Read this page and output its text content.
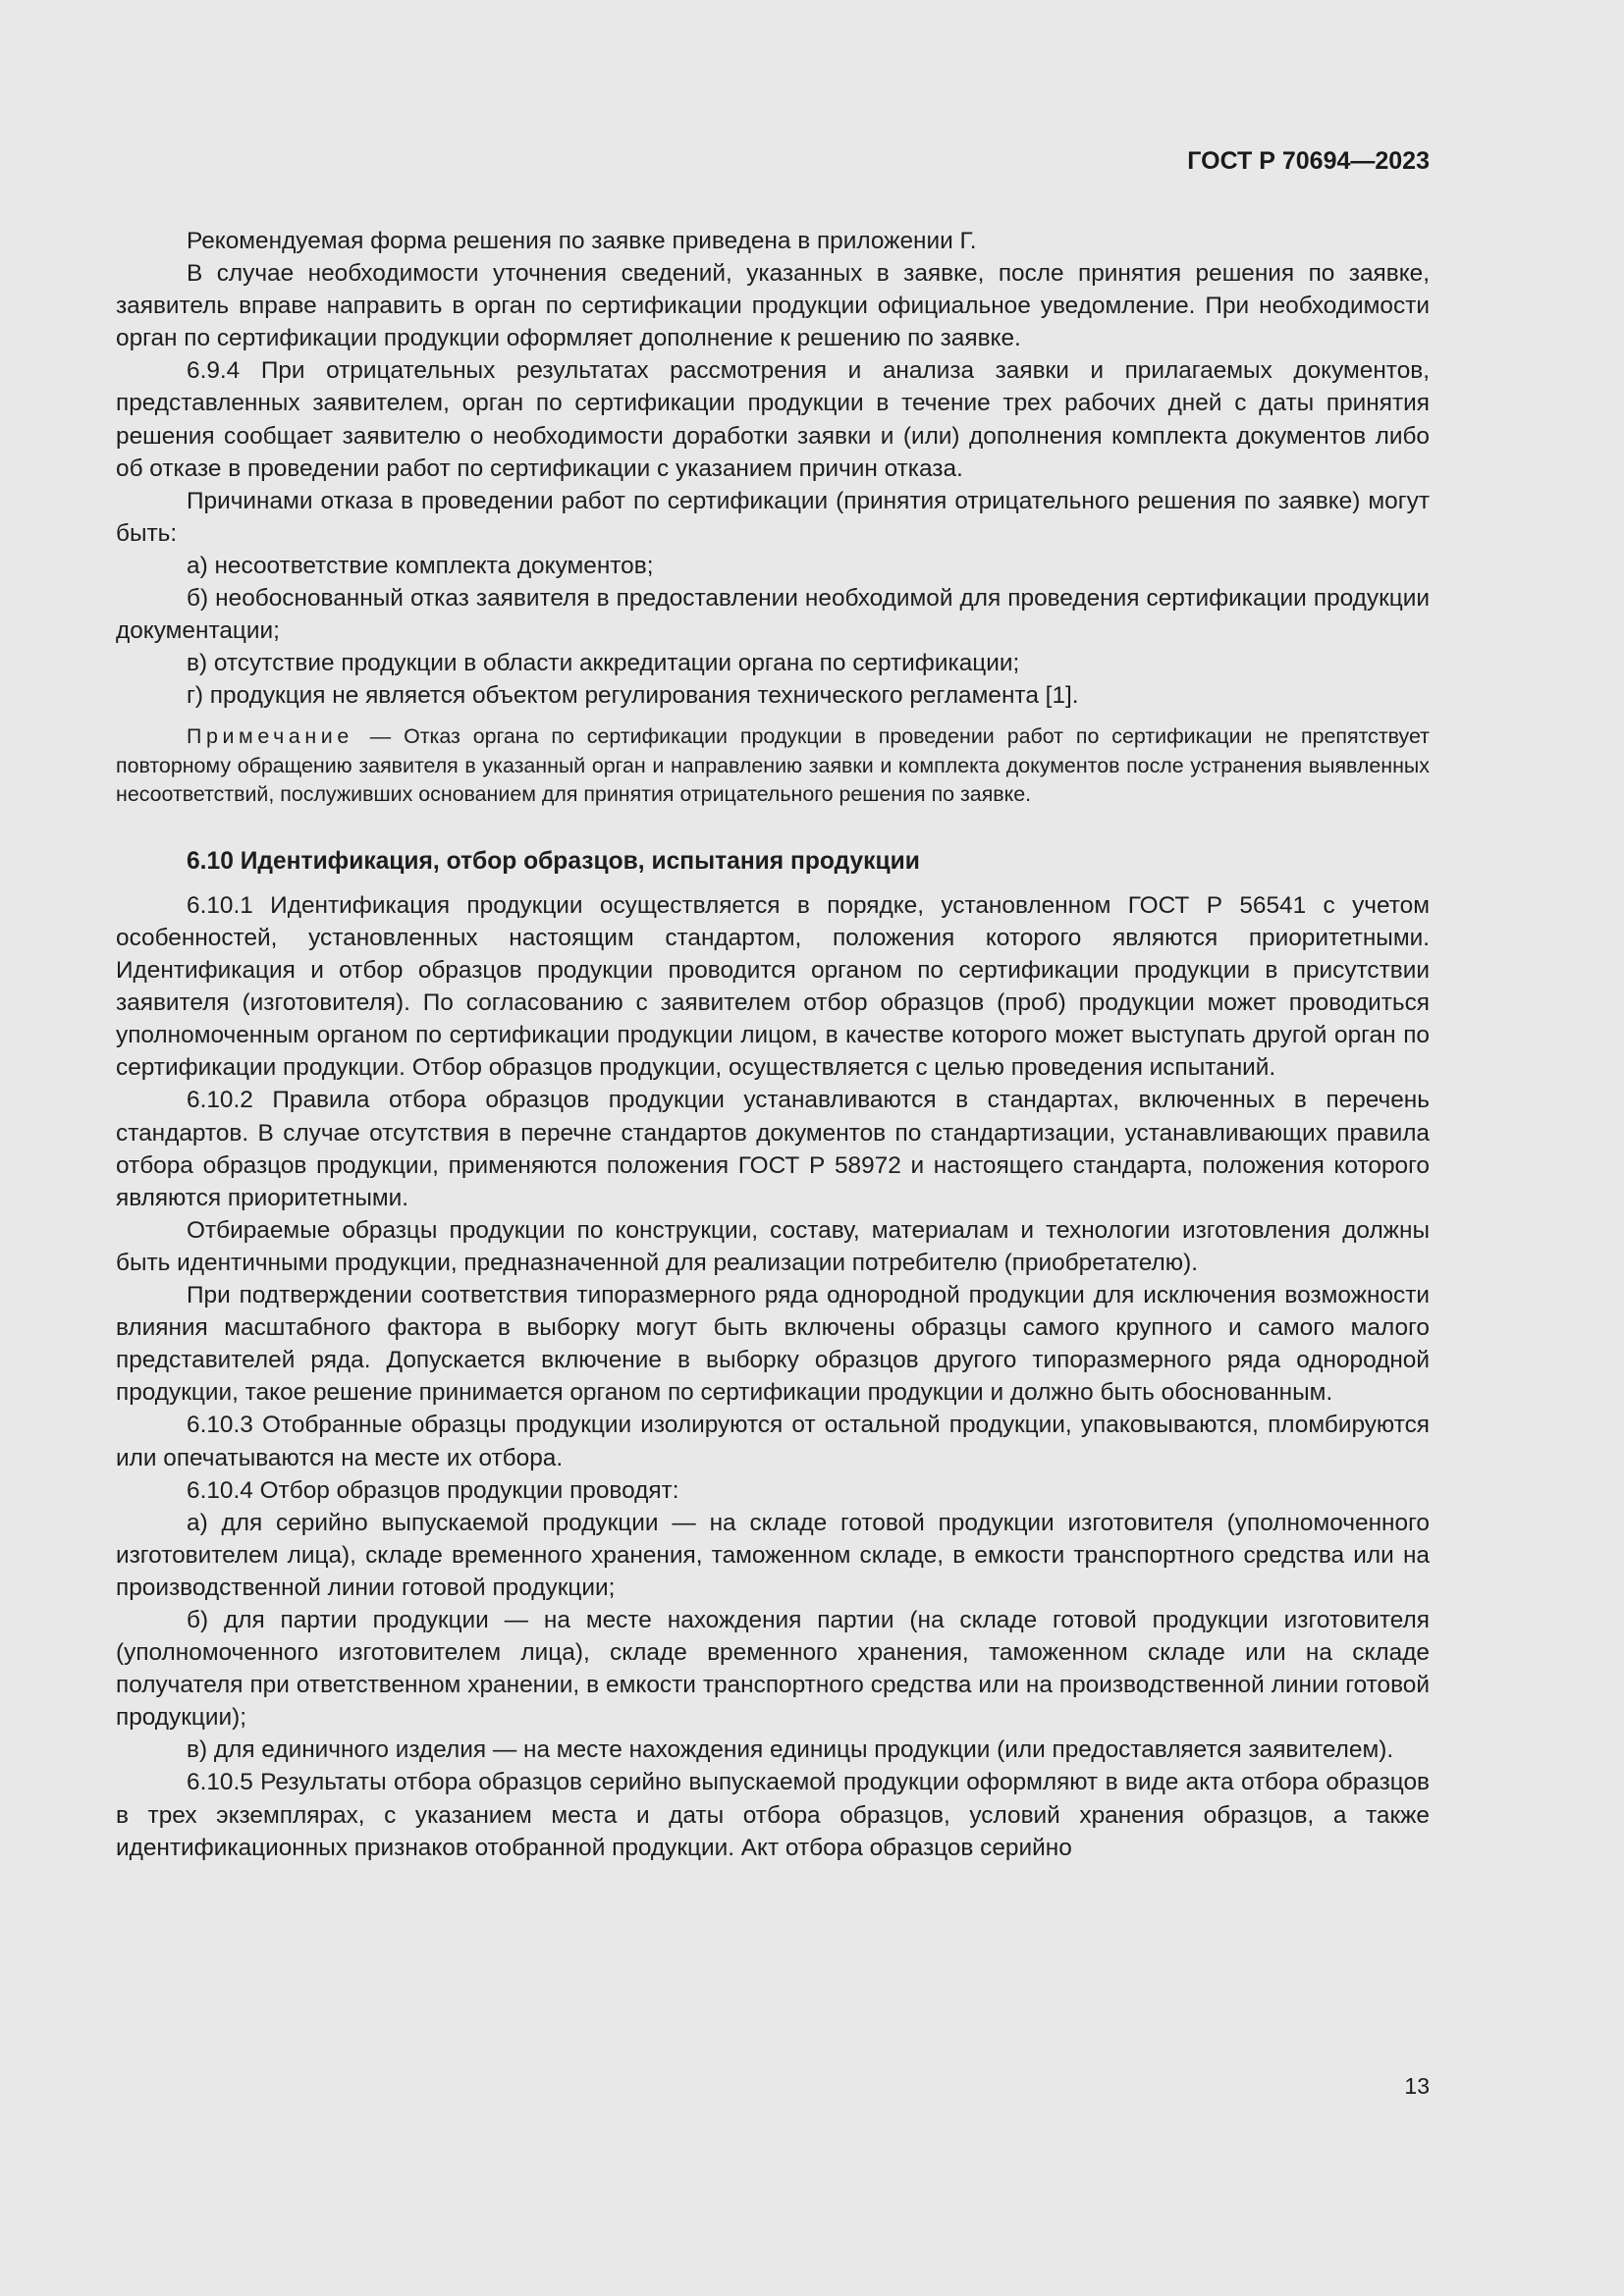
ГОСТ Р 70694—2023

Рекомендуемая форма решения по заявке приведена в приложении Г.

В случае необходимости уточнения сведений, указанных в заявке, после принятия решения по заявке, заявитель вправе направить в орган по сертификации продукции официальное уведомление. При необходимости орган по сертификации продукции оформляет дополнение к решению по заявке.

6.9.4 При отрицательных результатах рассмотрения и анализа заявки и прилагаемых документов, представленных заявителем, орган по сертификации продукции в течение трех рабочих дней с даты принятия решения сообщает заявителю о необходимости доработки заявки и (или) дополнения комплекта документов либо об отказе в проведении работ по сертификации с указанием причин отказа.

Причинами отказа в проведении работ по сертификации (принятия отрицательного решения по заявке) могут быть:

а) несоответствие комплекта документов;

б) необоснованный отказ заявителя в предоставлении необходимой для проведения сертификации продукции документации;

в) отсутствие продукции в области аккредитации органа по сертификации;

г) продукция не является объектом регулирования технического регламента [1].

Примечание — Отказ органа по сертификации продукции в проведении работ по сертификации не препятствует повторному обращению заявителя в указанный орган и направлению заявки и комплекта документов после устранения выявленных несоответствий, послуживших основанием для принятия отрицательного решения по заявке.

6.10 Идентификация, отбор образцов, испытания продукции

6.10.1 Идентификация продукции осуществляется в порядке, установленном ГОСТ Р 56541 с учетом особенностей, установленных настоящим стандартом, положения которого являются приоритетными. Идентификация и отбор образцов продукции проводится органом по сертификации продукции в присутствии заявителя (изготовителя). По согласованию с заявителем отбор образцов (проб) продукции может проводиться уполномоченным органом по сертификации продукции лицом, в качестве которого может выступать другой орган по сертификации продукции. Отбор образцов продукции, осуществляется с целью проведения испытаний.

6.10.2 Правила отбора образцов продукции устанавливаются в стандартах, включенных в перечень стандартов. В случае отсутствия в перечне стандартов документов по стандартизации, устанавливающих правила отбора образцов продукции, применяются положения ГОСТ Р 58972 и настоящего стандарта, положения которого являются приоритетными.

Отбираемые образцы продукции по конструкции, составу, материалам и технологии изготовления должны быть идентичными продукции, предназначенной для реализации потребителю (приобретателю).

При подтверждении соответствия типоразмерного ряда однородной продукции для исключения возможности влияния масштабного фактора в выборку могут быть включены образцы самого крупного и самого малого представителей ряда. Допускается включение в выборку образцов другого типоразмерного ряда однородной продукции, такое решение принимается органом по сертификации продукции и должно быть обоснованным.

6.10.3 Отобранные образцы продукции изолируются от остальной продукции, упаковываются, пломбируются или опечатываются на месте их отбора.

6.10.4 Отбор образцов продукции проводят:

а) для серийно выпускаемой продукции — на складе готовой продукции изготовителя (уполномоченного изготовителем лица), складе временного хранения, таможенном складе, в емкости транспортного средства или на производственной линии готовой продукции;

б) для партии продукции — на месте нахождения партии (на складе готовой продукции изготовителя (уполномоченного изготовителем лица), складе временного хранения, таможенном складе или на складе получателя при ответственном хранении, в емкости транспортного средства или на производственной линии готовой продукции);

в) для единичного изделия — на месте нахождения единицы продукции (или предоставляется заявителем).

6.10.5 Результаты отбора образцов серийно выпускаемой продукции оформляют в виде акта отбора образцов в трех экземплярах, с указанием места и даты отбора образцов, условий хранения образцов, а также идентификационных признаков отобранной продукции. Акт отбора образцов серийно

13
